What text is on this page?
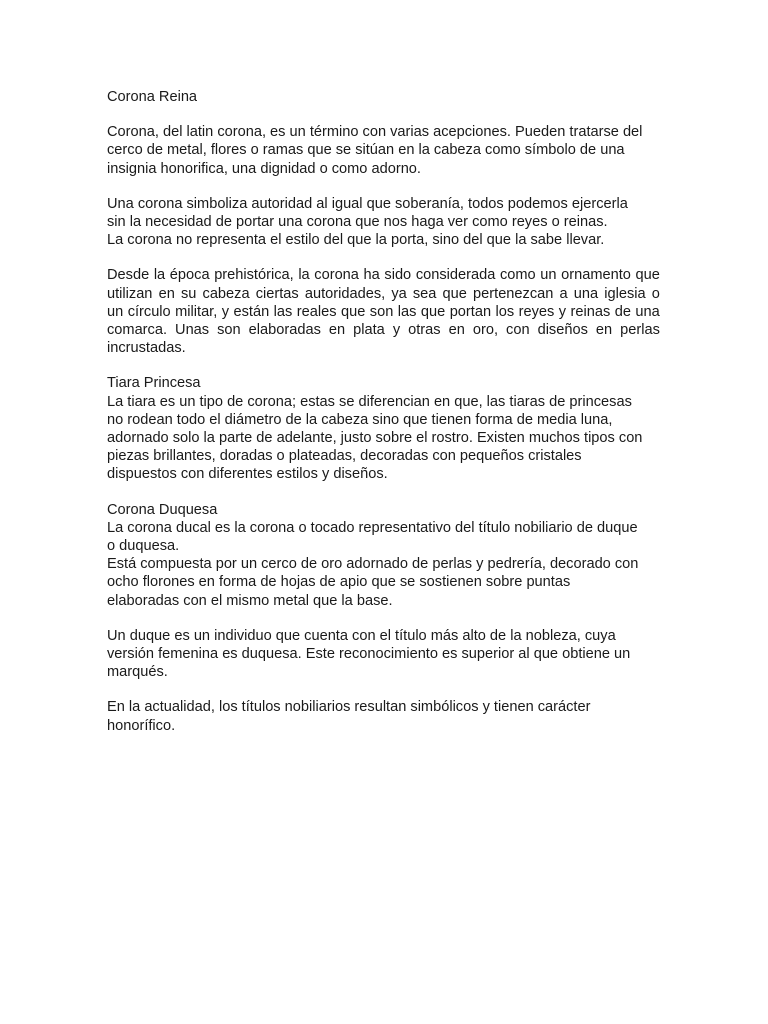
Corona Reina
Corona, del latin corona, es un término con varias acepciones. Pueden tratarse del
cerco de metal, flores o ramas que se sitúan en la cabeza como símbolo de una
insignia honorifica, una dignidad o como adorno.
Una corona simboliza autoridad al igual que soberanía, todos podemos ejercerla
sin la necesidad de portar una corona que nos haga ver como reyes o reinas.
La corona no representa el estilo del que la porta, sino del que la sabe llevar.
Desde la época prehistórica, la corona ha sido considerada como un ornamento que
utilizan en su cabeza ciertas autoridades, ya sea que pertenezcan a una iglesia o
un círculo militar, y están las reales que son las que portan los reyes y reinas de una
comarca. Unas son elaboradas en plata y otras en oro, con diseños en perlas
incrustadas.
Tiara Princesa
La tiara es un tipo de corona; estas se diferencian en que, las tiaras de princesas
no rodean todo el diámetro de la cabeza sino que tienen forma de media luna,
adornado solo la parte de adelante, justo sobre el rostro. Existen muchos tipos con
piezas brillantes, doradas o plateadas, decoradas con pequeños cristales
dispuestos con diferentes estilos y diseños.
Corona Duquesa
La corona ducal es la corona o tocado representativo del título nobiliario de duque
o duquesa.
Está compuesta por un cerco de oro adornado de perlas y pedrería, decorado con
ocho florones en forma de hojas de apio que se sostienen sobre puntas
elaboradas con el mismo metal que la base.
Un duque es un individuo que cuenta con el título más alto de la nobleza, cuya
versión femenina es duquesa. Este reconocimiento es superior al que obtiene un
marqués.
En la actualidad, los títulos nobiliarios resultan simbólicos y tienen carácter
honorífico.
